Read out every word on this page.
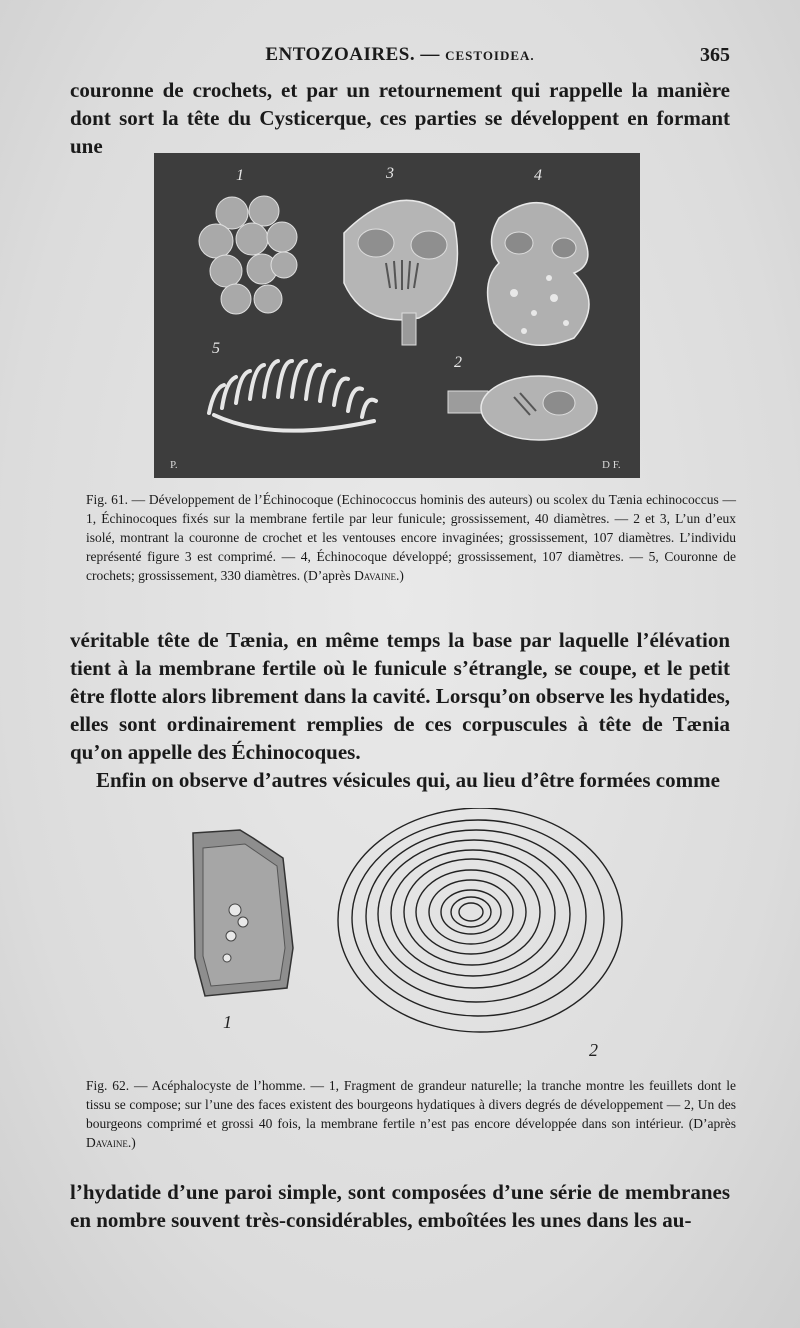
ENTOZOAIRES. — CESTOIDEA.	365

couronne de crochets, et par un retournement qui rappelle la manière dont sort la tête du Cysticerque, ces parties se développent en formant une

1	3	4
5
2
P.	D F.

Fig. 61. — Développement de l’Échinocoque (Echinococcus hominis des auteurs) ou scolex du Tænia echinococcus — 1, Échinocoques fixés sur la membrane fertile par leur funicule; grossissement, 40 diamètres. — 2 et 3, L’un d’eux isolé, montrant la couronne de crochet et les ventouses encore invaginées; grossissement, 107 diamètres. L’individu représenté figure 3 est comprimé. — 4, Échinocoque développé; grossissement, 107 diamètres. — 5, Couronne de crochets; grossissement, 330 diamètres. (D’après Davaine.)

véritable tête de Tænia, en même temps la base par laquelle l’élévation tient à la membrane fertile où le funicule s’étrangle, se coupe, et le petit être flotte alors librement dans la cavité. Lorsqu’on observe les hydatides, elles sont ordinairement remplies de ces corpuscules à tête de Tænia qu’on appelle des Échinocoques.

Enfin on observe d’autres vésicules qui, au lieu d’être formées comme

1
2

Fig. 62. — Acéphalocyste de l’homme. — 1, Fragment de grandeur naturelle; la tranche montre les feuillets dont le tissu se compose; sur l’une des faces existent des bourgeons hydatiques à divers degrés de développement — 2, Un des bourgeons comprimé et grossi 40 fois, la membrane fertile n’est pas encore développée dans son intérieur. (D’après Davaine.)

l’hydatide d’une paroi simple, sont composées d’une série de membranes en nombre souvent très-considérables, emboîtées les unes dans les au-
